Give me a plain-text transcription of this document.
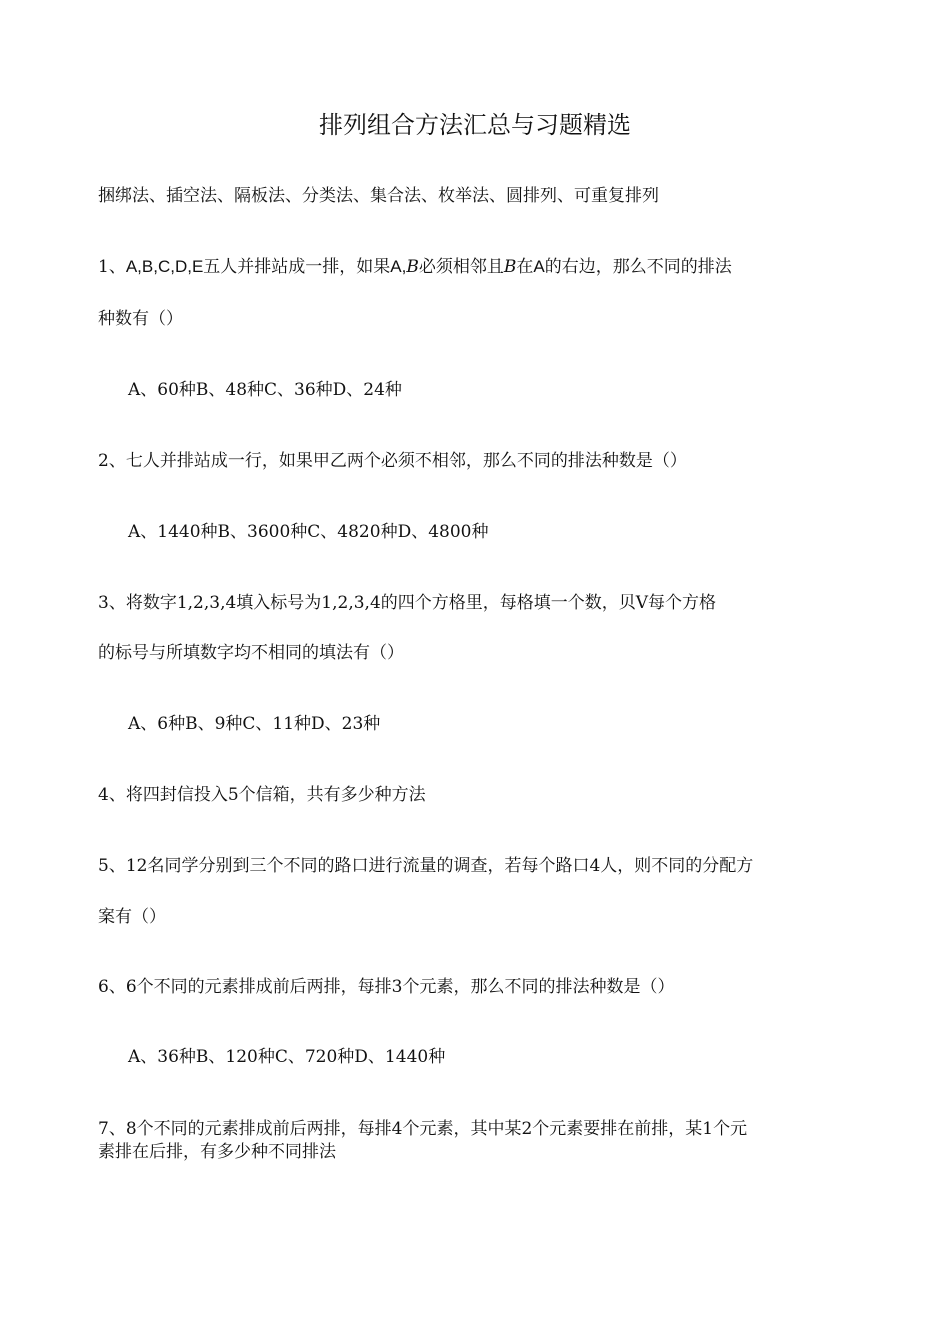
排列组合方法汇总与习题精选

捆绑法、插空法、隔板法、分类法、集合法、枚举法、圆排列、可重复排列

1、A,B,C,D,E五人并排站成一排，如果A,B必须相邻且B在A的右边，那么不同的排法

种数有（）

A、60种B、48种C、36种D、24种

2、七人并排站成一行，如果甲乙两个必须不相邻，那么不同的排法种数是（）

A、1440种B、3600种C、4820种D、4800种

3、将数字1,2,3,4填入标号为1,2,3,4的四个方格里，每格填一个数，贝V每个方格

的标号与所填数字均不相同的填法有（）

A、6种B、9种C、11种D、23种

4、将四封信投入5个信箱，共有多少种方法

5、12名同学分别到三个不同的路口进行流量的调查，若每个路口4人，则不同的分配方

案有（）

6、6个不同的元素排成前后两排，每排3个元素，那么不同的排法种数是（）

A、36种B、120种C、720种D、1440种

7、8个不同的元素排成前后两排，每排4个元素，其中某2个元素要排在前排，某1个元

素排在后排，有多少种不同排法
